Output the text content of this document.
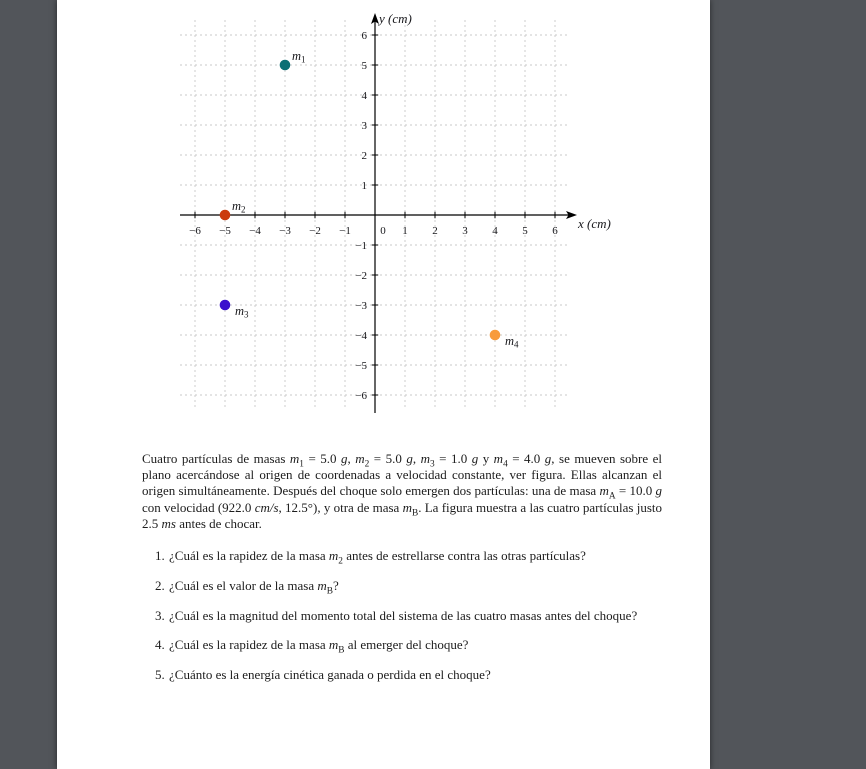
−6
−6
−5
−5
−4
−4
−3
−3
−2
−2
−1
−1
0 1
1
2
2
3
3
4
4
5
5
6
6
x (cm)
y (cm)
$m_1$
$m_2$
$m_3$
$m_4$
Cuatro partículas de masas $m_1 = 5.0$ g, $m_2 = 5.0$ g, $m_3 = 1.0$ g y $m_4 = 4.0$ g, se mueven sobre el plano acercándose al origen de coordenadas a velocidad constante, ver figura. Ellas alcanzan el origen simultáneamente. Después del choque solo emergen dos partículas: una de masa $m_A = 10.0$ g con velocidad (922.0 cm/s, 12.5°), y otra de masa $m_B$. La figura muestra a las cuatro partículas justo 2.5 ms antes de chocar.
1. ¿Cuál es la rapidez de la masa $m_2$ antes de estrellarse contra las otras partículas?
2. ¿Cuál es el valor de la masa $m_B$?
3. ¿Cuál es la magnitud del momento total del sistema de las cuatro masas antes del choque?
4. ¿Cuál es la rapidez de la masa $m_B$ al emerger del choque?
5. ¿Cuánto es la energía cinética ganada o perdida en el choque?
